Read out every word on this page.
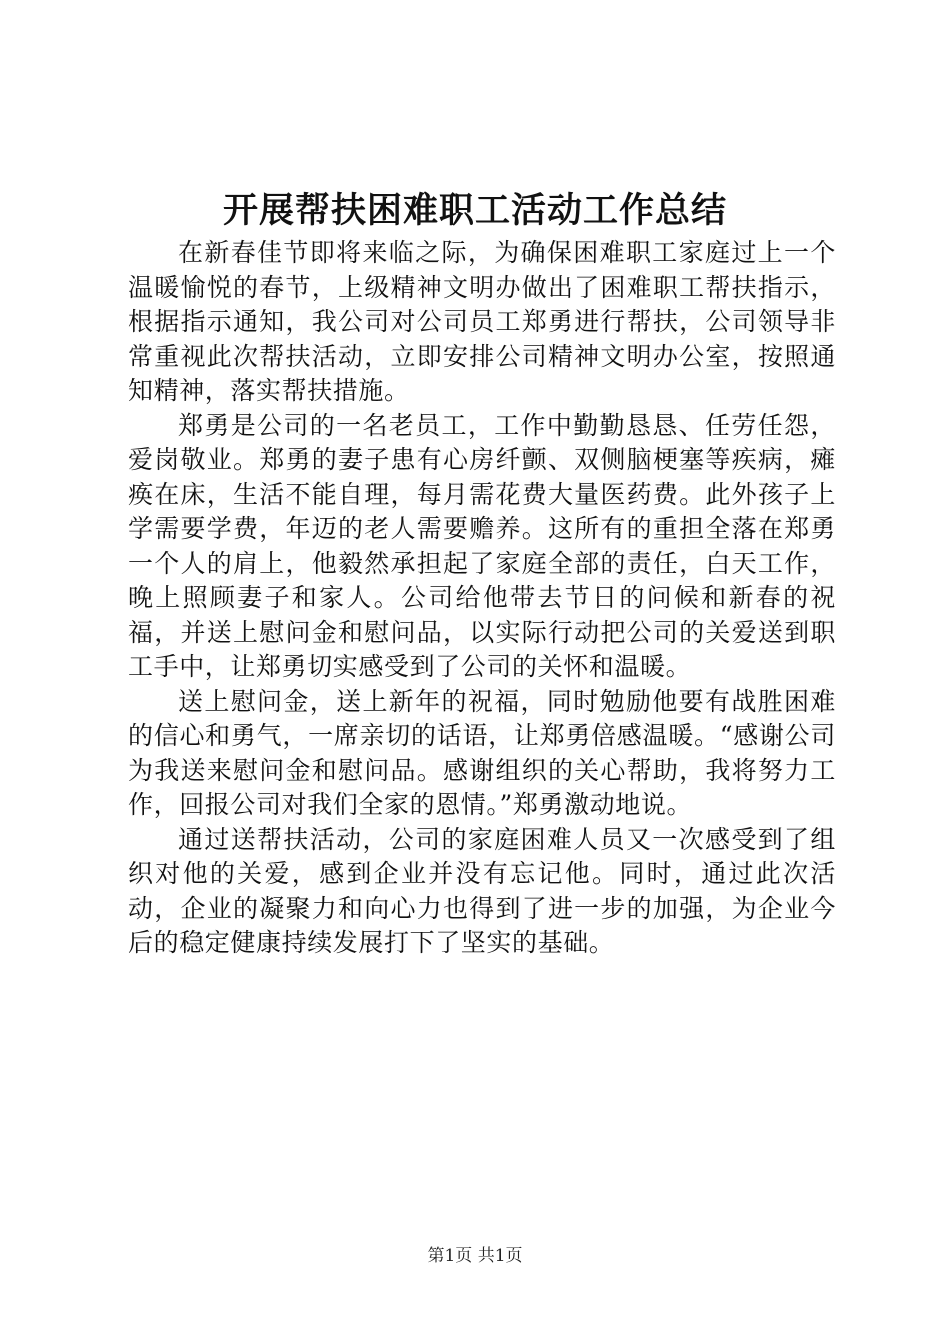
开展帮扶困难职工活动工作总结

在新春佳节即将来临之际，为确保困难职工家庭过上一个温暖愉悦的春节，上级精神文明办做出了困难职工帮扶指示，根据指示通知，我公司对公司员工郑勇进行帮扶，公司领导非常重视此次帮扶活动，立即安排公司精神文明办公室，按照通知精神，落实帮扶措施。

郑勇是公司的一名老员工，工作中勤勤恳恳、任劳任怨，爱岗敬业。郑勇的妻子患有心房纤颤、双侧脑梗塞等疾病，瘫痪在床，生活不能自理，每月需花费大量医药费。此外孩子上学需要学费，年迈的老人需要赡养。这所有的重担全落在郑勇一个人的肩上，他毅然承担起了家庭全部的责任，白天工作，晚上照顾妻子和家人。公司给他带去节日的问候和新春的祝福，并送上慰问金和慰问品，以实际行动把公司的关爱送到职工手中，让郑勇切实感受到了公司的关怀和温暖。

送上慰问金，送上新年的祝福，同时勉励他要有战胜困难的信心和勇气，一席亲切的话语，让郑勇倍感温暖。“感谢公司为我送来慰问金和慰问品。感谢组织的关心帮助，我将努力工作，回报公司对我们全家的恩情。”郑勇激动地说。

通过送帮扶活动，公司的家庭困难人员又一次感受到了组织对他的关爱，感到企业并没有忘记他。同时，通过此次活动，企业的凝聚力和向心力也得到了进一步的加强，为企业今后的稳定健康持续发展打下了坚实的基础。

第1页 共1页
